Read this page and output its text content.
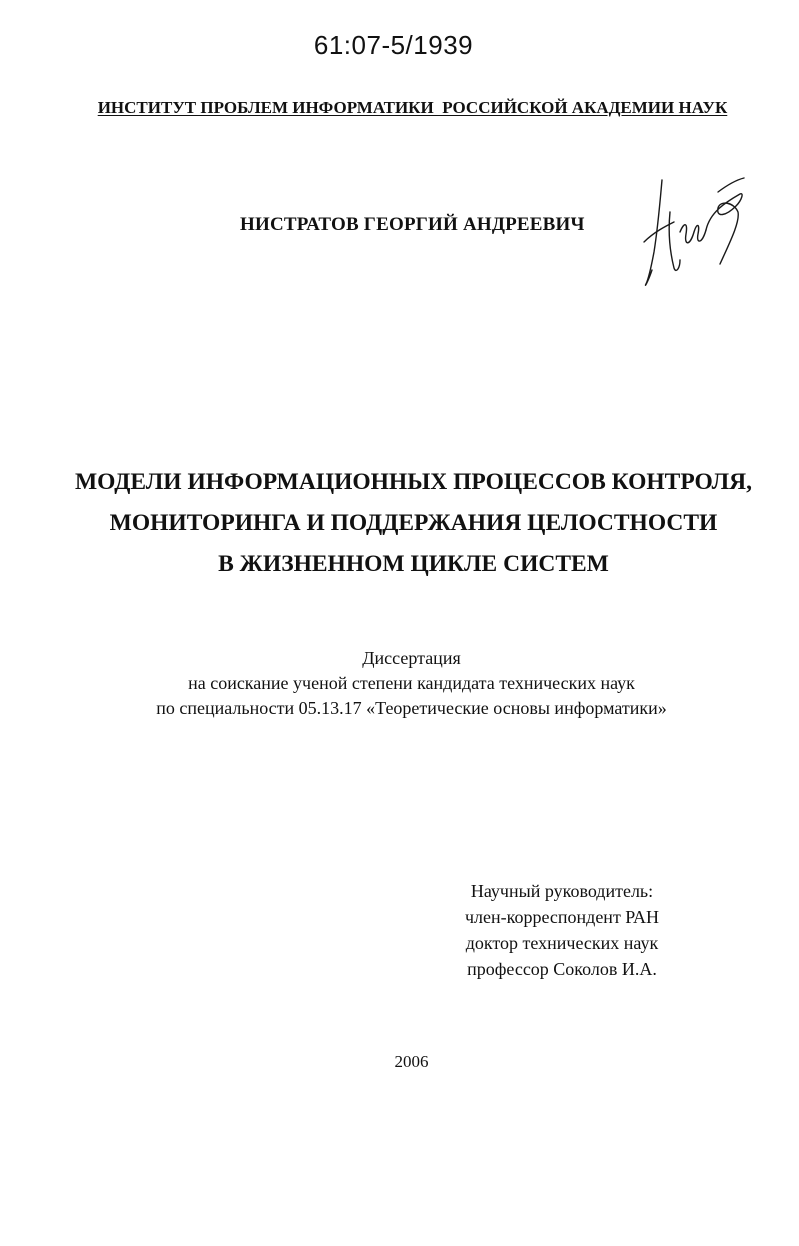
61:07-5/1939
ИНСТИТУТ ПРОБЛЕМ ИНФОРМАТИКИ  РОССИЙСКОЙ АКАДЕМИИ НАУК
НИСТРАТОВ ГЕОРГИЙ АНДРЕЕВИЧ
МОДЕЛИ ИНФОРМАЦИОННЫХ ПРОЦЕССОВ КОНТРОЛЯ,
МОНИТОРИНГА И ПОДДЕРЖАНИЯ ЦЕЛОСТНОСТИ
В ЖИЗНЕННОМ ЦИКЛЕ СИСТЕМ
Диссертация
на соискание ученой степени кандидата технических наук
по специальности 05.13.17 «Теоретические основы информатики»
Научный руководитель:
член-корреспондент РАН
доктор технических наук
профессор Соколов И.А.
2006
